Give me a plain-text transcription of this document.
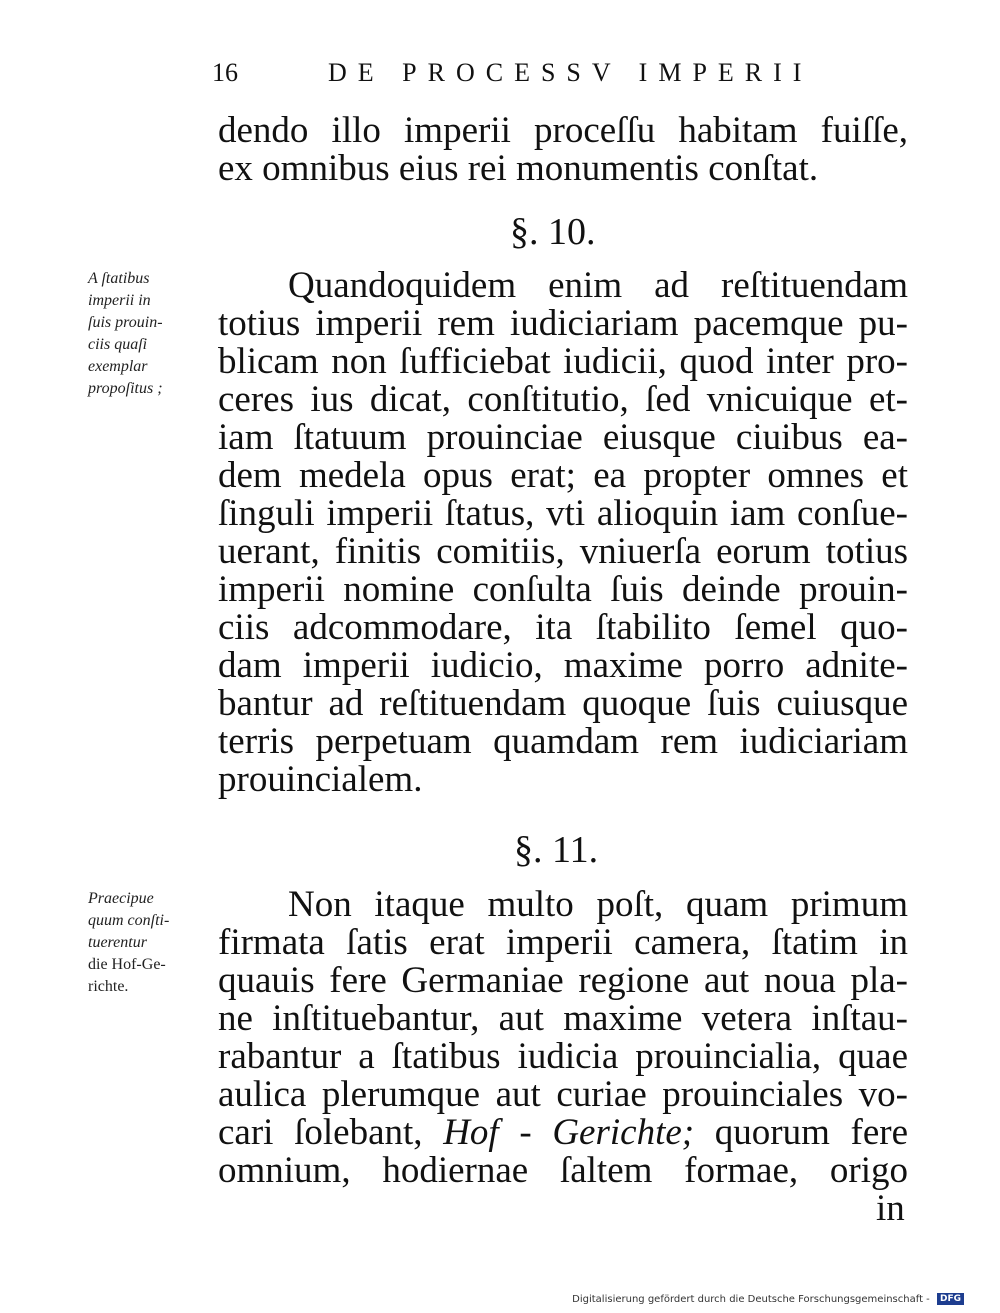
16	DE PROCESSV IMPERII
dendo illo imperii proceſſu habitam fuiſſe,
ex omnibus eius rei monumentis conſtat.
§. 10.
A ſtatibus
imperii in
ſuis prouin-
ciis quaſi
exemplar
propoſitus ;
Quandoquidem enim ad reſtituendam
totius imperii rem iudiciariam pacemque pu-
blicam non ſufficiebat iudicii, quod inter pro-
ceres ius dicat, conſtitutio, ſed vnicuique et-
iam ſtatuum prouinciae eiusque ciuibus ea-
dem medela opus erat; ea propter omnes et
ſinguli imperii ſtatus, vti alioquin iam conſue-
uerant, finitis comitiis, vniuerſa eorum totius
imperii nomine conſulta ſuis deinde prouin-
ciis adcommodare, ita ſtabilito ſemel quo-
dam imperii iudicio, maxime porro adnite-
bantur ad reſtituendam quoque ſuis cuiusque
terris perpetuam quamdam rem iudiciariam
prouincialem.
§. 11.
Praecipue
quum conſti-
tuerentur
die Hof-Ge-
richte.
Non itaque multo poſt, quam primum
firmata ſatis erat imperii camera, ſtatim in
quauis fere Germaniae regione aut noua pla-
ne inſtituebantur, aut maxime vetera inſtau-
rabantur a ſtatibus iudicia prouincialia, quae
aulica plerumque aut curiae prouinciales vo-
cari ſolebant, Hof - Gerichte; quorum fere
omnium, hodiernae ſaltem formae, origo
in
Digitalisierung gefördert durch die Deutsche Forschungsgemeinschaft - DFG
